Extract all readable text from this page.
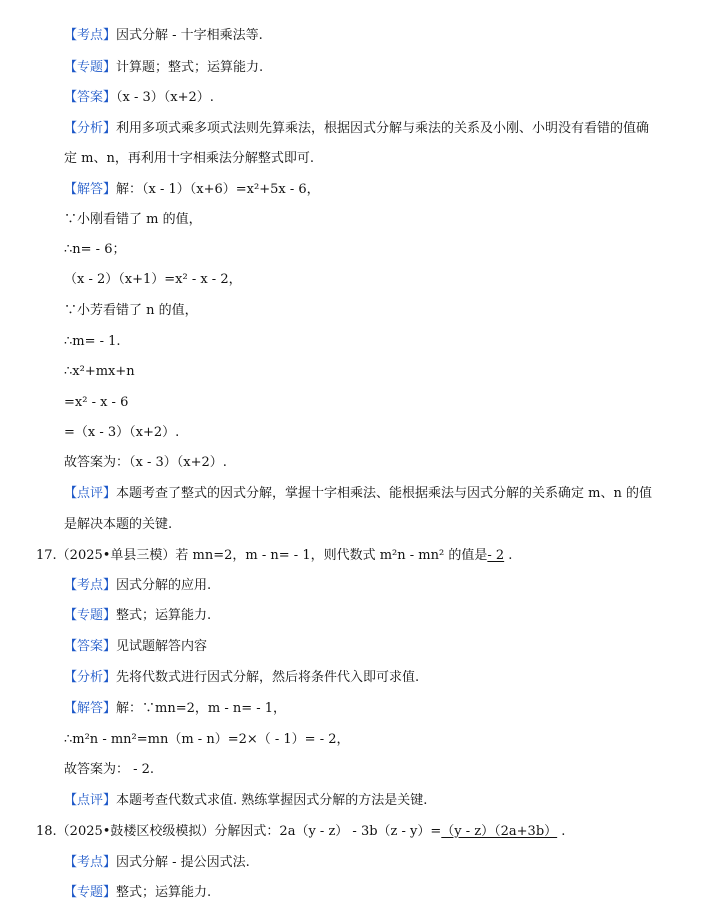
【考点】因式分解 - 十字相乘法等.
【专题】计算题；整式；运算能力.
【答案】（x - 3）（x+2）.
【分析】利用多项式乘多项式法则先算乘法，根据因式分解与乘法的关系及小刚、小明没有看错的值确
定 m、n，再利用十字相乘法分解整式即可.
【解答】解：（x - 1）（x+6）=x²+5x - 6，
∵小刚看错了 m 的值，
∴n= - 6；
（x - 2）（x+1）=x² - x - 2，
∵小芳看错了 n 的值，
∴m= - 1.
∴x²+mx+n
=x² - x - 6
=（x - 3）（x+2）.
故答案为：（x - 3）（x+2）.
【点评】本题考查了整式的因式分解，掌握十字相乘法、能根据乘法与因式分解的关系确定 m、n 的值
是解决本题的关键.
17.（2025•单县三模）若 mn=2，m - n= - 1，则代数式 m²n - mn² 的值是- 2 .
【考点】因式分解的应用.
【专题】整式；运算能力.
【答案】见试题解答内容
【分析】先将代数式进行因式分解，然后将条件代入即可求值.
【解答】解：∵mn=2，m - n= - 1，
∴m²n - mn²=mn（m - n）=2×（ - 1）= - 2，
故答案为： - 2.
【点评】本题考查代数式求值. 熟练掌握因式分解的方法是关键.
18.（2025•鼓楼区校级模拟）分解因式：2a（y - z） - 3b（z - y）=（y - z）（2a+3b） .
【考点】因式分解 - 提公因式法.
【专题】整式；运算能力.
